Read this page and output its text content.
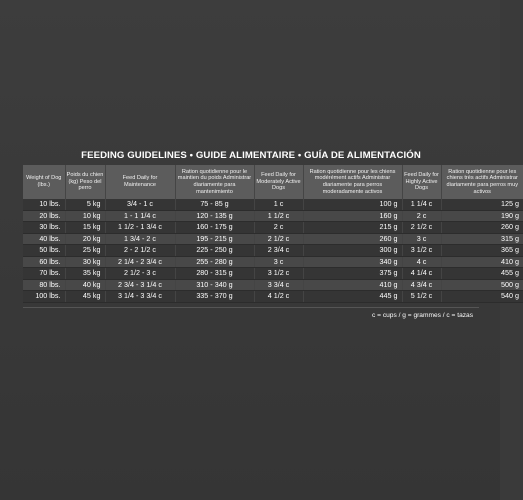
FEEDING GUIDELINES • GUIDE ALIMENTAIRE • GUÍA DE ALIMENTACIÓN
Weight of Dog (lbs.)	Poids du chien (kg) Peso del perro	Feed Daily for Maintenance	Ration quotidienne pour le maintien du poids Administrar diariamente para mantenimiento	Feed Daily for Moderately Active Dogs	Ration quotidienne pour les chiens modérément actifs Administrar diariamente para perros moderadamente activos	Feed Daily for Highly Active Dogs	Ration quotidienne pour les chiens très actifs Administrar diariamente para perros muy activos
10 lbs.	5 kg	3/4 - 1 c	75 - 85 g	1 c	100 g	1 1/4 c	125 g
20 lbs.	10 kg	1 - 1 1/4 c	120 - 135 g	1 1/2 c	160 g	2 c	190 g
30 lbs.	15 kg	1 1/2 - 1 3/4 c	160 - 175 g	2 c	215 g	2 1/2 c	260 g
40 lbs.	20 kg	1 3/4 - 2 c	195 - 215 g	2 1/2 c	260 g	3 c	315 g
50 lbs.	25 kg	2 - 2 1/2 c	225 - 250 g	2 3/4 c	300 g	3 1/2 c	365 g
60 lbs.	30 kg	2 1/4 - 2 3/4 c	255 - 280 g	3 c	340 g	4 c	410 g
70 lbs.	35 kg	2 1/2 - 3 c	280 - 315 g	3 1/2 c	375 g	4 1/4 c	455 g
80 lbs.	40 kg	2 3/4 - 3 1/4 c	310 - 340 g	3 3/4 c	410 g	4 3/4 c	500 g
100 lbs.	45 kg	3 1/4 - 3 3/4 c	335 - 370 g	4 1/2 c	445 g	5 1/2 c	540 g
c = cups / g = grammes / c = tazas
